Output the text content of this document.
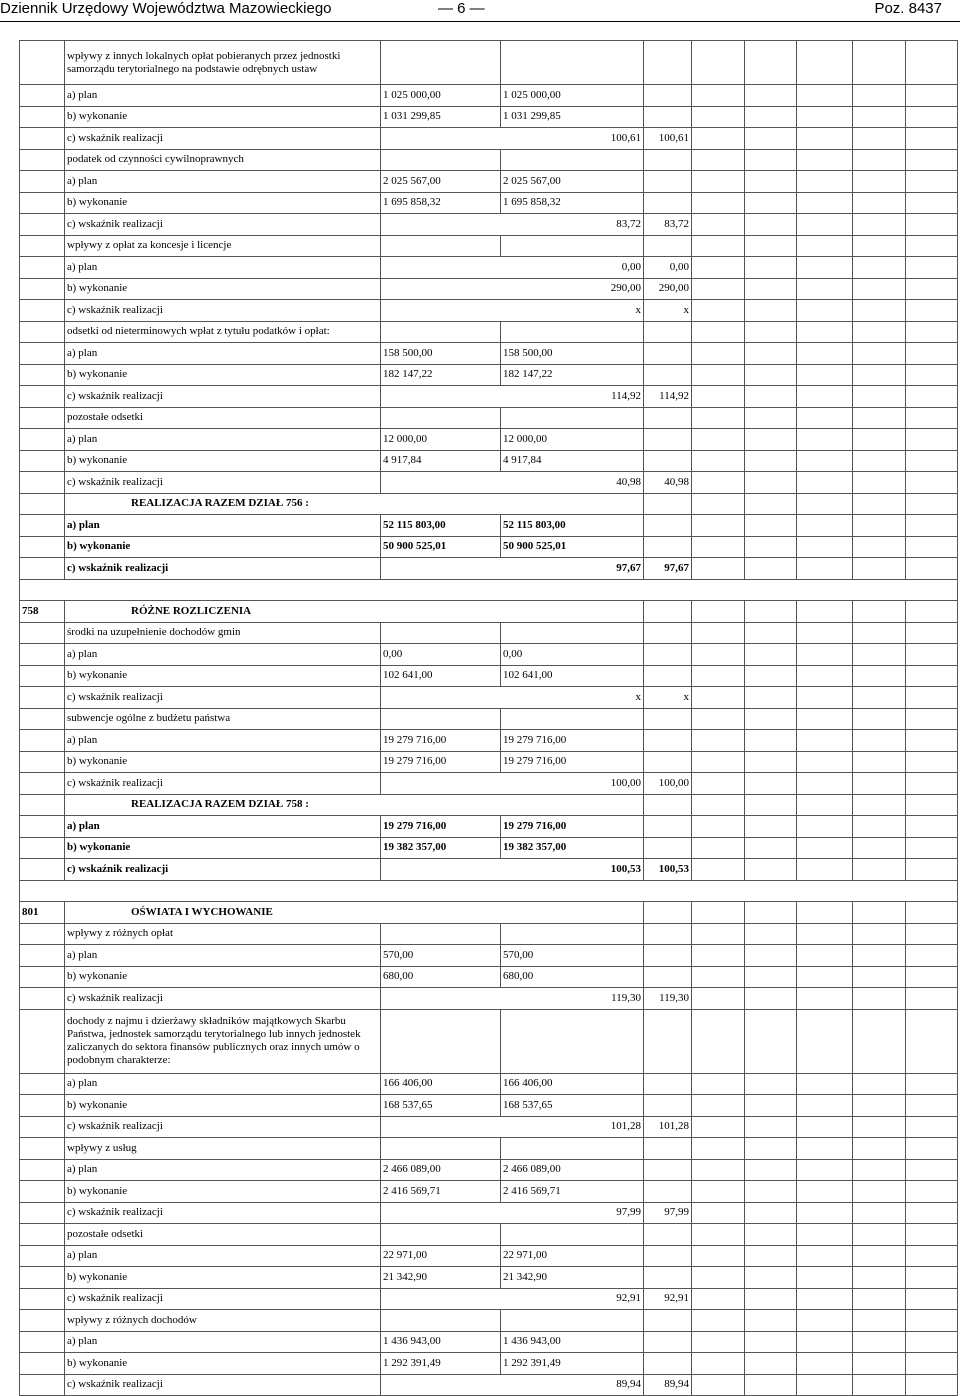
Dziennik Urzędowy Województwa Mazowieckiego	— 6 —	Poz. 8437
	wpływy z innych lokalnych opłat pobieranych przez jednostki samorządu terytorialnego na podstawie odrębnych ustaw									
	a) plan	1 025 000,00	1 025 000,00							
	b) wykonanie	1 031 299,85	1 031 299,85							
	c) wskaźnik realizacji	100,61		100,61						
	podatek od czynności cywilnoprawnych									
	a) plan	2 025 567,00	2 025 567,00							
	b) wykonanie	1 695 858,32	1 695 858,32							
	c) wskaźnik realizacji	83,72		83,72						
	wpływy z opłat za koncesje i licencje									
	a) plan	0,00		0,00						
	b) wykonanie	290,00		290,00						
	c) wskaźnik realizacji	x		x						
	odsetki od nieterminowych wpłat z tytułu podatków i opłat:									
	a) plan	158 500,00	158 500,00							
	b) wykonanie	182 147,22	182 147,22							
	c) wskaźnik realizacji	114,92		114,92						
	pozostałe odsetki									
	a) plan	12 000,00	12 000,00							
	b) wykonanie	4 917,84	4 917,84							
	c) wskaźnik realizacji	40,98		40,98						
	REALIZACJA RAZEM DZIAŁ 756 :									
	a) plan	52 115 803,00	52 115 803,00							
	b) wykonanie	50 900 525,01	50 900 525,01							
	c) wskaźnik realizacji	97,67		97,67						

758	RÓŻNE ROZLICZENIA									
	środki na uzupełnienie dochodów gmin									
	a) plan	0,00	0,00							
	b) wykonanie	102 641,00	102 641,00							
	c) wskaźnik realizacji	x		x						
	subwencje ogólne z budżetu państwa									
	a) plan	19 279 716,00	19 279 716,00							
	b) wykonanie	19 279 716,00	19 279 716,00							
	c) wskaźnik realizacji	100,00		100,00						
	REALIZACJA RAZEM DZIAŁ 758 :									
	a) plan	19 279 716,00	19 279 716,00							
	b) wykonanie	19 382 357,00	19 382 357,00							
	c) wskaźnik realizacji	100,53		100,53						

801	OŚWIATA I WYCHOWANIE									
	wpływy z różnych opłat									
	a) plan	570,00	570,00							
	b) wykonanie	680,00	680,00							
	c) wskaźnik realizacji	119,30		119,30						
	dochody z najmu i dzierżawy składników majątkowych Skarbu Państwa, jednostek samorządu terytorialnego lub innych jednostek zaliczanych do sektora finansów publicznych oraz innych umów o podobnym charakterze:									
	a) plan	166 406,00	166 406,00							
	b) wykonanie	168 537,65	168 537,65							
	c) wskaźnik realizacji	101,28		101,28						
	wpływy z usług									
	a) plan	2 466 089,00	2 466 089,00							
	b) wykonanie	2 416 569,71	2 416 569,71							
	c) wskaźnik realizacji	97,99		97,99						
	pozostałe odsetki									
	a) plan	22 971,00	22 971,00							
	b) wykonanie	21 342,90	21 342,90							
	c) wskaźnik realizacji	92,91		92,91						
	wpływy z różnych dochodów									
	a) plan	1 436 943,00	1 436 943,00							
	b) wykonanie	1 292 391,49	1 292 391,49							
	c) wskaźnik realizacji	89,94		89,94						
